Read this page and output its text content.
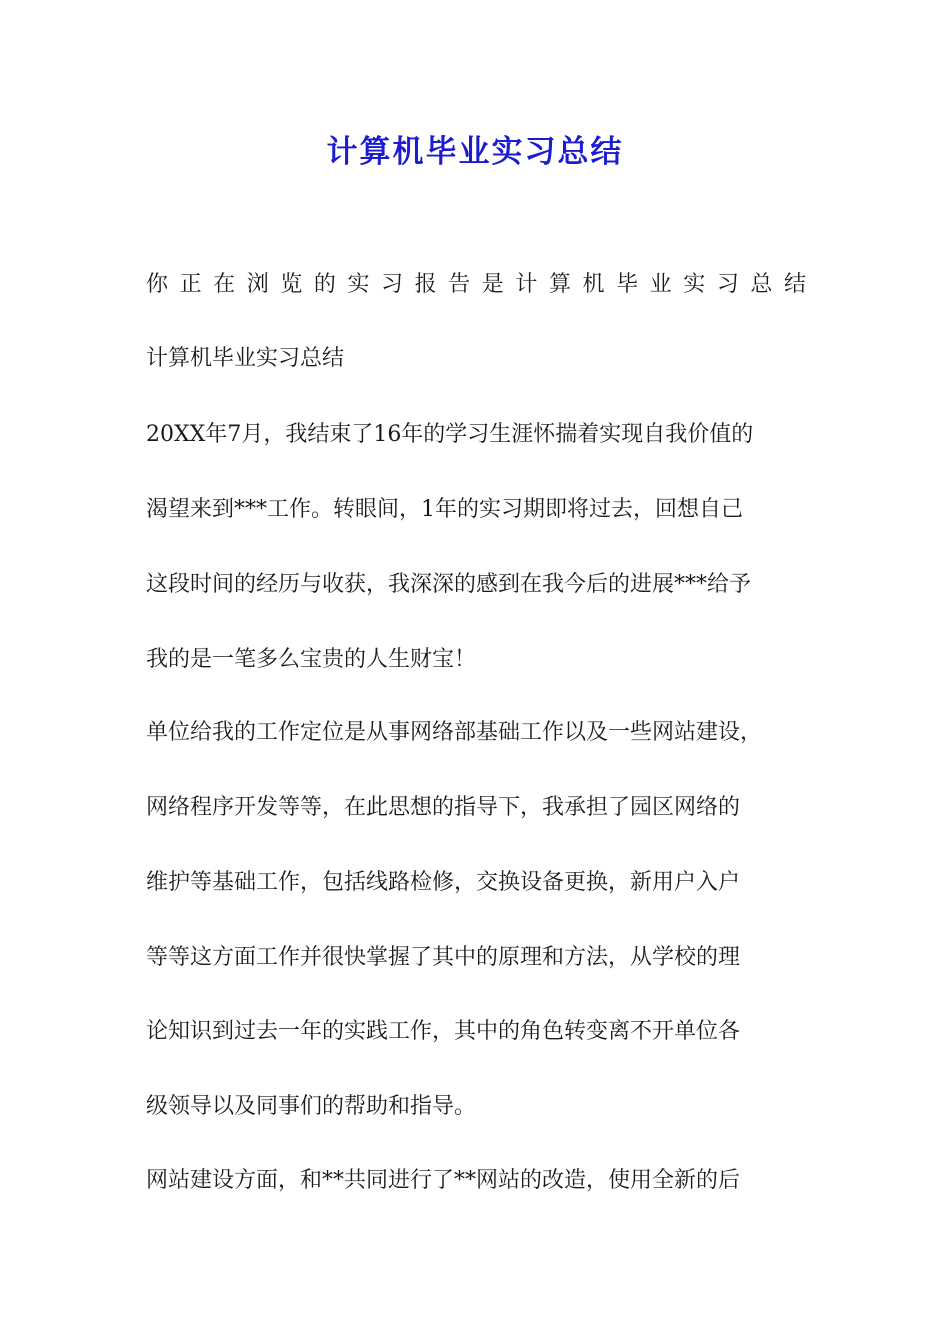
计算机毕业实习总结
你 正 在 浏 览 的 实 习 报 告 是 计 算 机 毕 业 实 习 总 结

计算机毕业实习总结

20XX年7月，我结束了16年的学习生涯怀揣着实现自我价值的

渴望来到***工作。转眼间，1年的实习期即将过去，回想自己

这段时间的经历与收获，我深深的感到在我今后的进展***给予

我的是一笔多么宝贵的人生财宝！

单位给我的工作定位是从事网络部基础工作以及一些网站建设，

网络程序开发等等，在此思想的指导下，我承担了园区网络的

维护等基础工作，包括线路检修，交换设备更换，新用户入户

等等这方面工作并很快掌握了其中的原理和方法，从学校的理

论知识到过去一年的实践工作，其中的角色转变离不开单位各

级领导以及同事们的帮助和指导。

网站建设方面，和**共同进行了**网站的改造，使用全新的后
